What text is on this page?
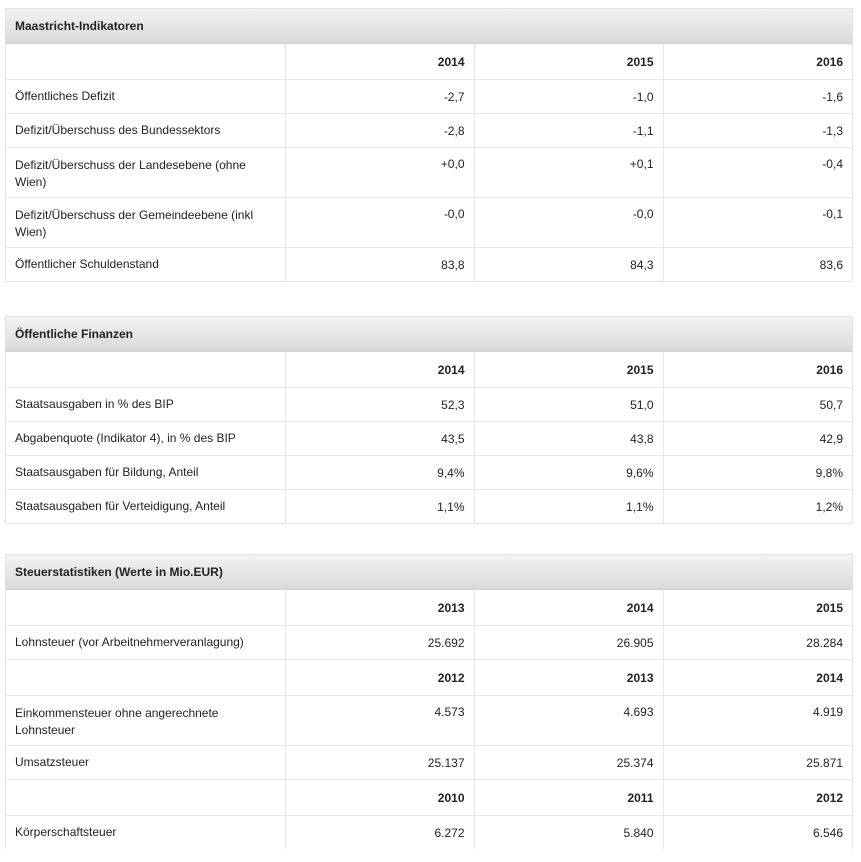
Maastricht-Indikatoren
	2014	2015	2016
Öffentliches Defizit	-2,7	-1,0	-1,6
Defizit/Überschuss des Bundessektors	-2,8	-1,1	-1,3
Defizit/Überschuss der Landesebene (ohne Wien)	+0,0	+0,1	-0,4
Defizit/Überschuss der Gemeindeebene (inkl Wien)	-0,0	-0,0	-0,1
Öffentlicher Schuldenstand	83,8	84,3	83,6
Öffentliche Finanzen
	2014	2015	2016
Staatsausgaben in % des BIP	52,3	51,0	50,7
Abgabenquote (Indikator 4), in % des BIP	43,5	43,8	42,9
Staatsausgaben für Bildung, Anteil	9,4%	9,6%	9,8%
Staatsausgaben für Verteidigung, Anteil	1,1%	1,1%	1,2%
Steuerstatistiken (Werte in Mio.EUR)
	2013	2014	2015
Lohnsteuer (vor Arbeitnehmerveranlagung)	25.692	26.905	28.284
	2012	2013	2014
Einkommensteuer ohne angerechnete Lohnsteuer	4.573	4.693	4.919
Umsatzsteuer	25.137	25.374	25.871
	2010	2011	2012
Körperschaftsteuer	6.272	5.840	6.546
